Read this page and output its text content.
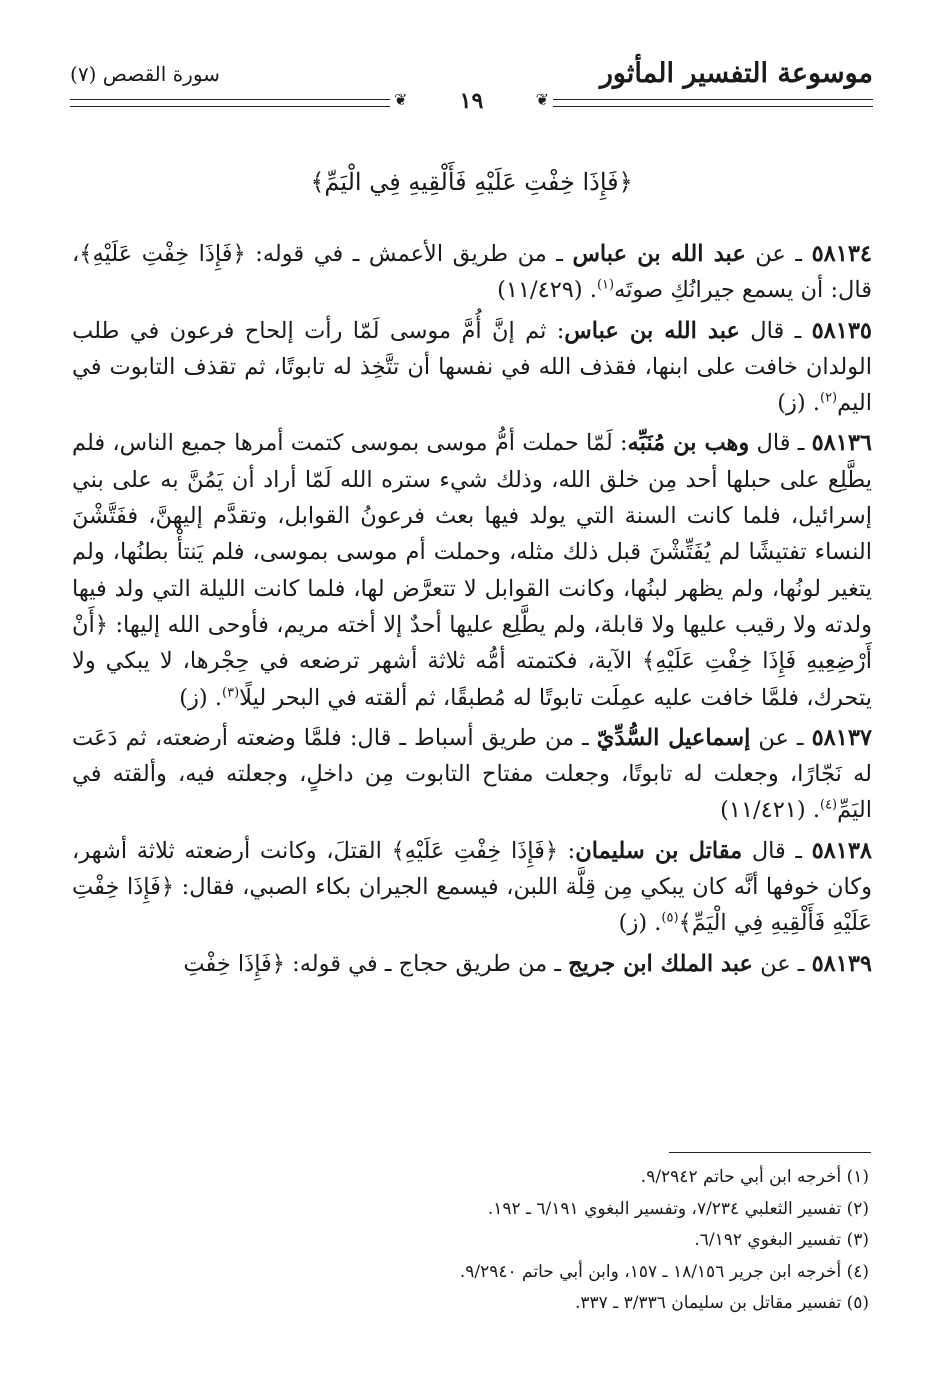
موسوعة التفسير المأثور
سورة القصص (٧)
❦
١٩
❦
﴿فَإِذَا خِفْتِ عَلَيْهِ فَأَلْقِيهِ فِي الْيَمِّ﴾

٥٨١٣٤ ـ عن عبد الله بن عباس ـ من طريق الأعمش ـ في قوله: ﴿فَإِذَا خِفْتِ عَلَيْهِ﴾، قال: أن يسمع جيرانُكِ صوتَه$^{(١)}$. (١١/٤٢٩)

٥٨١٣٥ ـ قال عبد الله بن عباس: ثم إنَّ أُمَّ موسى لَمّا رأت إلحاح فرعون في طلب الولدان خافت على ابنها، فقذف الله في نفسها أن تتَّخِذ له تابوتًا، ثم تقذف التابوت في اليم$^{(٢)}$. (ز)

٥٨١٣٦ ـ قال وهب بن مُنَبِّه: لَمّا حملت أمُّ موسى بموسى كتمت أمرها جميع الناس، فلم يطَّلِع على حبلها أحد مِن خلق الله، وذلك شيء ستره الله لَمّا أراد أن يَمُنَّ به على بني إسرائيل، فلما كانت السنة التي يولد فيها بعث فرعونُ القوابل، وتقدَّم إليهنَّ، ففَتَّشْنَ النساء تفتيشًا لم يُفَتِّشْنَ قبل ذلك مثله، وحملت أم موسى بموسى، فلم يَنتأْ بطنُها، ولم يتغير لونُها، ولم يظهر لبنُها، وكانت القوابل لا تتعرَّض لها، فلما كانت الليلة التي ولد فيها ولدته ولا رقيب عليها ولا قابلة، ولم يطَّلِع عليها أحدٌ إلا أخته مريم، فأوحى الله إليها: ﴿أَنْ أَرْضِعِيهِ فَإِذَا خِفْتِ عَلَيْهِ﴾ الآية، فكتمته أمُّه ثلاثة أشهر ترضعه في حِجْرها، لا يبكي ولا يتحرك، فلمَّا خافت عليه عمِلَت تابوتًا له مُطبقًا، ثم ألقته في البحر ليلًا$^{(٣)}$. (ز)

٥٨١٣٧ ـ عن إسماعيل السُّدِّيّ ـ من طريق أسباط ـ قال: فلمَّا وضعته أرضعته، ثم دَعَت له نَجّارًا، وجعلت له تابوتًا، وجعلت مفتاح التابوت مِن داخلٍ، وجعلته فيه، وألقته في اليَمِّ$^{(٤)}$. (١١/٤٢١)

٥٨١٣٨ ـ قال مقاتل بن سليمان: ﴿فَإِذَا خِفْتِ عَلَيْهِ﴾ القتلَ، وكانت أرضعته ثلاثة أشهر، وكان خوفها أنَّه كان يبكي مِن قِلَّة اللبن، فيسمع الجيران بكاء الصبي، فقال: ﴿فَإِذَا خِفْتِ عَلَيْهِ فَأَلْقِيهِ فِي الْيَمِّ﴾$^{(٥)}$. (ز)

٥٨١٣٩ ـ عن عبد الملك ابن جريج ـ من طريق حجاج ـ في قوله: ﴿فَإِذَا خِفْتِ

(١) أخرجه ابن أبي حاتم ٩/٢٩٤٢.
(٢) تفسير الثعلبي ٧/٢٣٤، وتفسير البغوي ٦/١٩١ ـ ١٩٢.
(٣) تفسير البغوي ٦/١٩٢.
(٤) أخرجه ابن جرير ١٨/١٥٦ ـ ١٥٧، وابن أبي حاتم ٩/٢٩٤٠.
(٥) تفسير مقاتل بن سليمان ٣/٣٣٦ ـ ٣٣٧.
